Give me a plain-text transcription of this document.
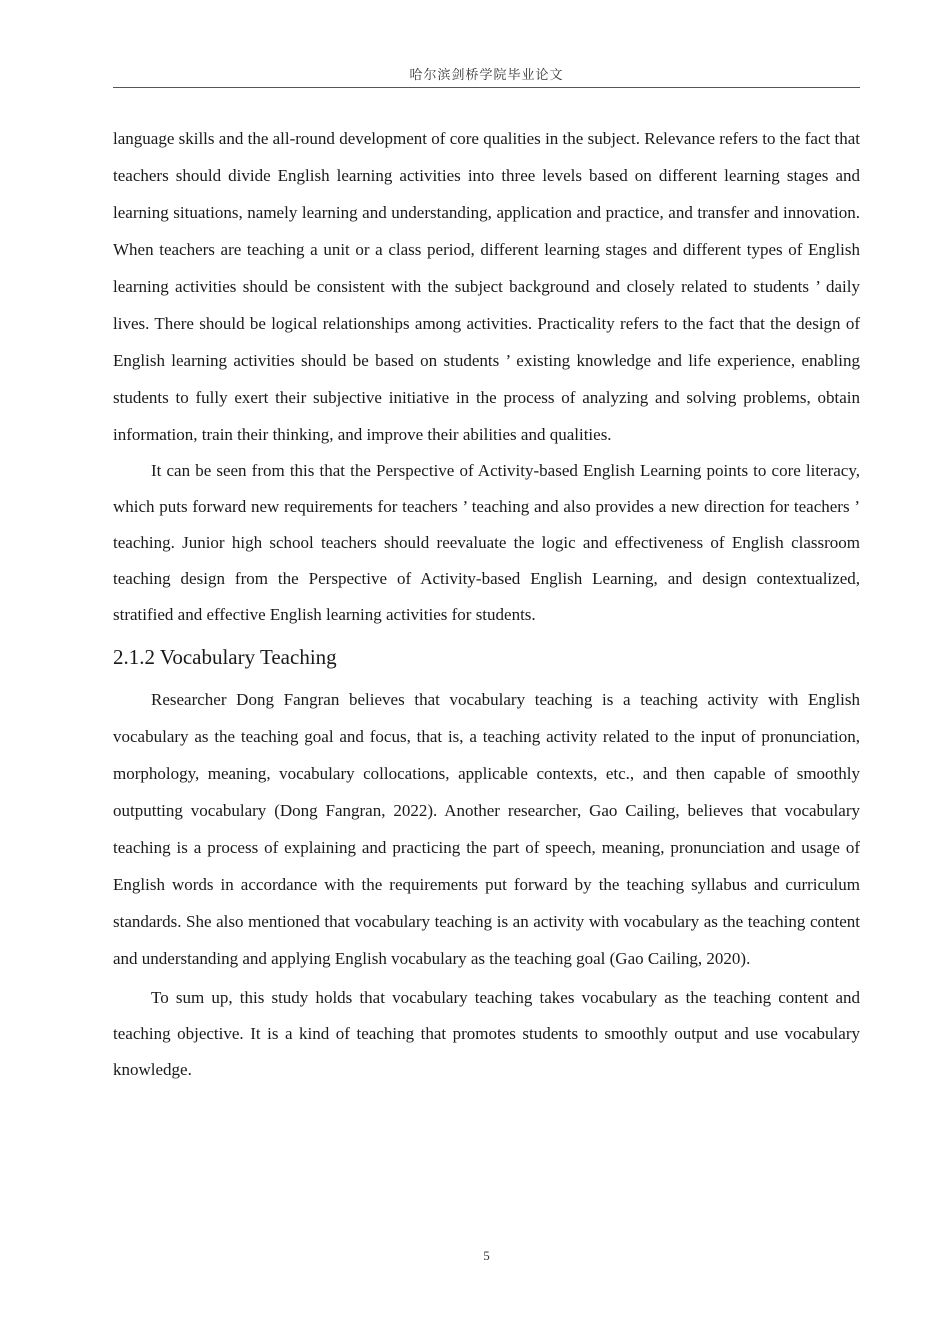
哈尔滨剑桥学院毕业论文

language skills and the all-round development of core qualities in the subject. Relevance refers to the fact that teachers should divide English learning activities into three levels based on different learning stages and learning situations, namely learning and understanding, application and practice, and transfer and innovation. When teachers are teaching a unit or a class period, different learning stages and different types of English learning activities should be consistent with the subject background and closely related to students ’ daily lives. There should be logical relationships among activities. Practicality refers to the fact that the design of English learning activities should be based on students ’ existing knowledge and life experience, enabling students to fully exert their subjective initiative in the process of analyzing and solving problems, obtain information, train their thinking, and improve their abilities and qualities.

It can be seen from this that the Perspective of Activity-based English Learning points to core literacy, which puts forward new requirements for teachers ’ teaching and also provides a new direction for teachers ’ teaching. Junior high school teachers should reevaluate the logic and effectiveness of English classroom teaching design from the Perspective of Activity-based English Learning, and design contextualized, stratified and effective English learning activities for students.

2.1.2 Vocabulary Teaching

Researcher Dong Fangran believes that vocabulary teaching is a teaching activity with English vocabulary as the teaching goal and focus, that is, a teaching activity related to the input of pronunciation, morphology, meaning, vocabulary collocations, applicable contexts, etc., and then capable of smoothly outputting vocabulary (Dong Fangran, 2022). Another researcher, Gao Cailing, believes that vocabulary teaching is a process of explaining and practicing the part of speech, meaning, pronunciation and usage of English words in accordance with the requirements put forward by the teaching syllabus and curriculum standards. She also mentioned that vocabulary teaching is an activity with vocabulary as the teaching content and understanding and applying English vocabulary as the teaching goal (Gao Cailing, 2020).

To sum up, this study holds that vocabulary teaching takes vocabulary as the teaching content and teaching objective. It is a kind of teaching that promotes students to smoothly output and use vocabulary knowledge.

5
